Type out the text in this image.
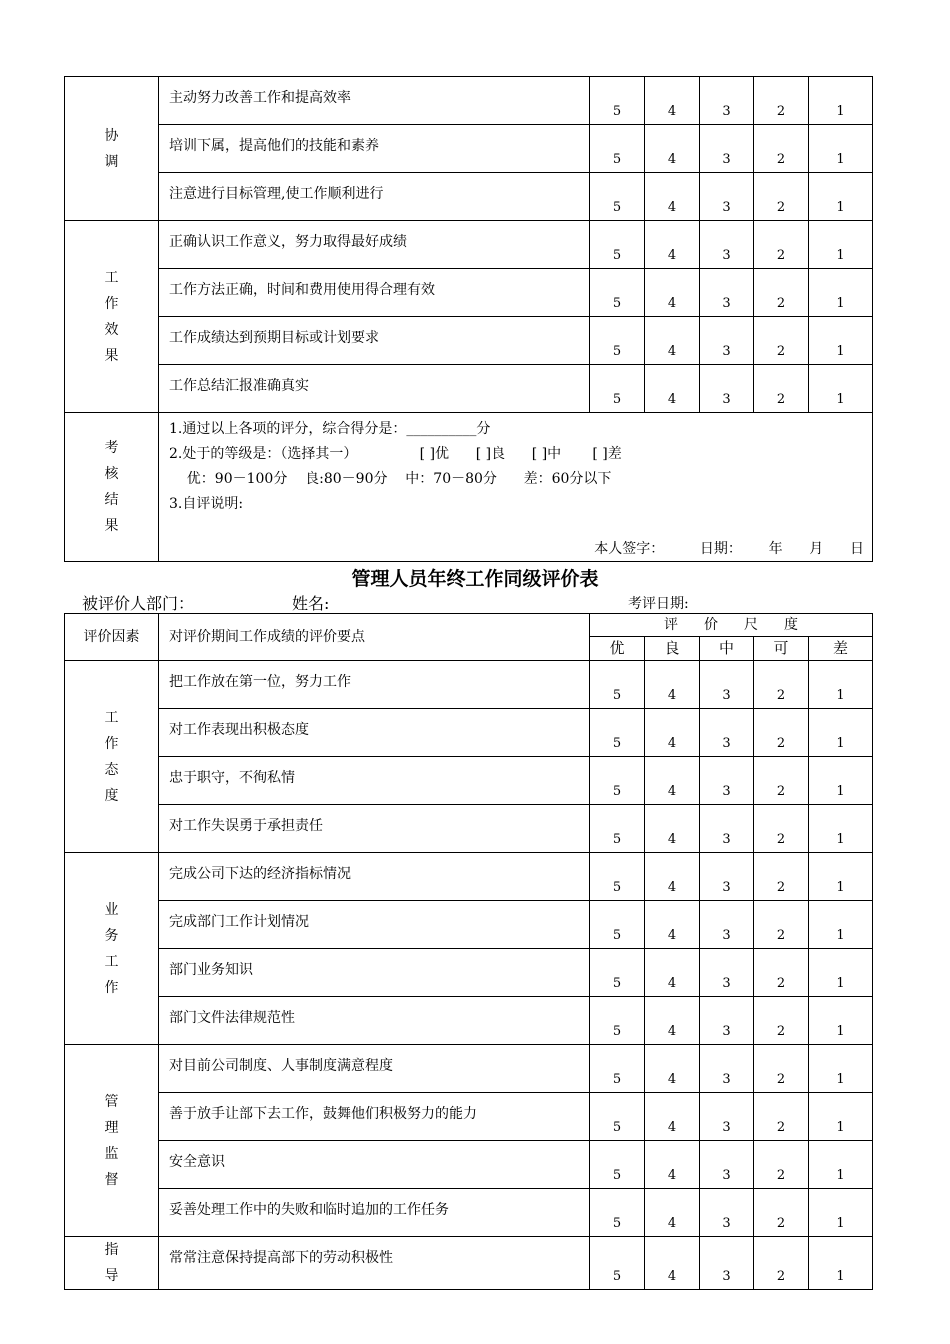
协调	主动努力改善工作和提高效率	5	4	3	2	1
	培训下属，提高他们的技能和素养	5	4	3	2	1
	注意进行目标管理,使工作顺利进行	5	4	3	2	1

工作
效果	正确认识工作意义，努力取得最好成绩	5	4	3	2	1
	工作方法正确，时间和费用使用得合理有效	5	4	3	2	1
	工作成绩达到预期目标或计划要求	5	4	3	2	1
	工作总结汇报准确真实	5	4	3	2	1

考核
结果	1.通过以上各项的评分，综合得分是：__________分
2.处于的等级是：（选择其一）              [ ]优      [ ]良      [ ]中       [ ]差
优：90－100分    良:80－90分    中：70－80分      差：60分以下
3.自评说明:
本人签字：        日期：      年      月      日					
管理人员年终工作同级评价表
被评价人部门：	姓名:	考评日期:
评价因素	对评价期间工作成绩的评价要点	评价尺度				
		优	良	中	可	差

工作
态度	把工作放在第一位，努力工作	5	4	3	2	1
	对工作表现出积极态度	5	4	3	2	1
	忠于职守，不徇私情	5	4	3	2	1
	对工作失误勇于承担责任	5	4	3	2	1

业务
工作	完成公司下达的经济指标情况	5	4	3	2	1
	完成部门工作计划情况	5	4	3	2	1
	部门业务知识	5	4	3	2	1
	部门文件法律规范性	5	4	3	2	1

管理
监督	对目前公司制度、人事制度满意程度	5	4	3	2	1
	善于放手让部下去工作，鼓舞他们积极努力的能力	5	4	3	2	1
	安全意识	5	4	3	2	1
	妥善处理工作中的失败和临时追加的工作任务	5	4	3	2	1

指导	常常注意保持提高部下的劳动积极性	5	4	3	2	1
